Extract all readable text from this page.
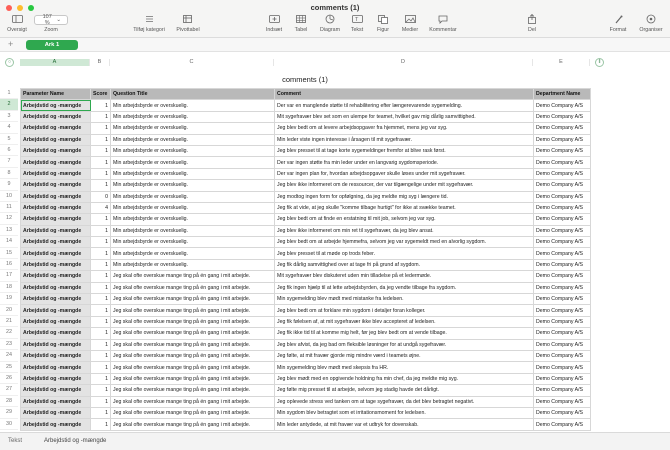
comments (1)
Oversigt
107 %	⌄
Zoom	Tilføj kategori	Pivottabel	Indsæt	Tabel	Diagram
T
Tekst	Figur	Medier	Kommentar	Del	Format	Organiser
+	Ark 1
○	A	B	C	D	E	‖
comments (1)
1
2
3
4
5
6
7
8
9
10
11
12
13
14
15
16
17
18
19
20
21
22
23
24
25
26
27
28
29
30
Parameter Name	Score	Question Title	Comment	Department Name
Arbejdstid og -mængde	1	Min arbejdsbyrde er overskuelig.	Der var en manglende støtte til rehabilitering efter længerevarende sygemelding.	Demo Company A/S
Arbejdstid og -mængde	1	Min arbejdsbyrde er overskuelig.	Mit sygefravær blev set som en ulempe for teamet, hvilket gav mig dårlig samvittighed.	Demo Company A/S
Arbejdstid og -mængde	1	Min arbejdsbyrde er overskuelig.	Jeg blev bedt om at levere arbejdsopgaver fra hjemmet, mens jeg var syg.	Demo Company A/S
Arbejdstid og -mængde	1	Min arbejdsbyrde er overskuelig.	Min leder viste ingen interesse i årsagen til mit sygefravær.	Demo Company A/S
Arbejdstid og -mængde	1	Min arbejdsbyrde er overskuelig.	Jeg blev presset til at tage korte sygemeldinger fremfor at blive rask først.	Demo Company A/S
Arbejdstid og -mængde	1	Min arbejdsbyrde er overskuelig.	Der var ingen støtte fra min leder under en langvarig sygdomsperiode.	Demo Company A/S
Arbejdstid og -mængde	1	Min arbejdsbyrde er overskuelig.	Der var ingen plan for, hvordan arbejdsopgaver skulle løses under mit sygefravær.	Demo Company A/S
Arbejdstid og -mængde	1	Min arbejdsbyrde er overskuelig.	Jeg blev ikke informeret om de ressourcer, der var tilgængelige under mit sygefravær.	Demo Company A/S
Arbejdstid og -mængde	0	Min arbejdsbyrde er overskuelig.	Jeg modtog ingen form for opfølgning, da jeg meldte mig syg i længere tid.	Demo Company A/S
Arbejdstid og -mængde	4	Min arbejdsbyrde er overskuelig.	Jeg fik at vide, at jeg skulle "komme tilbage hurtigt" for ikke at svække teamet.	Demo Company A/S
Arbejdstid og -mængde	1	Min arbejdsbyrde er overskuelig.	Jeg blev bedt om at finde en erstatning til mit job, selvom jeg var syg.	Demo Company A/S
Arbejdstid og -mængde	1	Min arbejdsbyrde er overskuelig.	Jeg blev ikke informeret om min ret til sygefravær, da jeg blev ansat.	Demo Company A/S
Arbejdstid og -mængde	1	Min arbejdsbyrde er overskuelig.	Jeg blev bedt om at arbejde hjemmefra, selvom jeg var sygemeldt med en alvorlig sygdom.	Demo Company A/S
Arbejdstid og -mængde	1	Min arbejdsbyrde er overskuelig.	Jeg blev presset til at møde op trods feber.	Demo Company A/S
Arbejdstid og -mængde	1	Min arbejdsbyrde er overskuelig.	Jeg fik dårlig samvittighed over at tage fri på grund af sygdom.	Demo Company A/S
Arbejdstid og -mængde	1	Jeg skal ofte overskue mange ting på én gang i mit arbejde.	Mit sygefravær blev diskuteret uden min tilladelse på et ledermøde.	Demo Company A/S
Arbejdstid og -mængde	1	Jeg skal ofte overskue mange ting på én gang i mit arbejde.	Jeg fik ingen hjælp til at lette arbejdsbyrden, da jeg vendte tilbage fra sygdom.	Demo Company A/S
Arbejdstid og -mængde	1	Jeg skal ofte overskue mange ting på én gang i mit arbejde.	Min sygemelding blev mødt med mistanke fra ledelsen.	Demo Company A/S
Arbejdstid og -mængde	1	Jeg skal ofte overskue mange ting på én gang i mit arbejde.	Jeg blev bedt om at forklare min sygdom i detaljer foran kolleger.	Demo Company A/S
Arbejdstid og -mængde	1	Jeg skal ofte overskue mange ting på én gang i mit arbejde.	Jeg fik følelsen af, at mit sygefravær ikke blev accepteret af ledelsen.	Demo Company A/S
Arbejdstid og -mængde	1	Jeg skal ofte overskue mange ting på én gang i mit arbejde.	Jeg fik ikke tid til at komme mig helt, før jeg blev bedt om at vende tilbage.	Demo Company A/S
Arbejdstid og -mængde	1	Jeg skal ofte overskue mange ting på én gang i mit arbejde.	Jeg blev afvist, da jeg bad om fleksible løsninger for at undgå sygefravær.	Demo Company A/S
Arbejdstid og -mængde	1	Jeg skal ofte overskue mange ting på én gang i mit arbejde.	Jeg følte, at mit fravær gjorde mig mindre værd i teamets øjne.	Demo Company A/S
Arbejdstid og -mængde	1	Jeg skal ofte overskue mange ting på én gang i mit arbejde.	Min sygemelding blev mødt med skepsis fra HR.	Demo Company A/S
Arbejdstid og -mængde	1	Jeg skal ofte overskue mange ting på én gang i mit arbejde.	Jeg blev mødt med en opgivende holdning fra min chef, da jeg meldte mig syg.	Demo Company A/S
Arbejdstid og -mængde	1	Jeg skal ofte overskue mange ting på én gang i mit arbejde.	Jeg følte mig presset til at arbejde, selvom jeg stadig havde det dårligt.	Demo Company A/S
Arbejdstid og -mængde	1	Jeg skal ofte overskue mange ting på én gang i mit arbejde.	Jeg oplevede stress ved tanken om at tage sygefravær, da det blev betragtet negativt.	Demo Company A/S
Arbejdstid og -mængde	1	Jeg skal ofte overskue mange ting på én gang i mit arbejde.	Min sygdom blev betragtet som et irritationsmoment for ledelsen.	Demo Company A/S
Arbejdstid og -mængde	1	Jeg skal ofte overskue mange ting på én gang i mit arbejde.	Min leder antydede, at mit fravær var et udtryk for dovenskab.	Demo Company A/S
Tekst	Arbejdstid og -mængde
